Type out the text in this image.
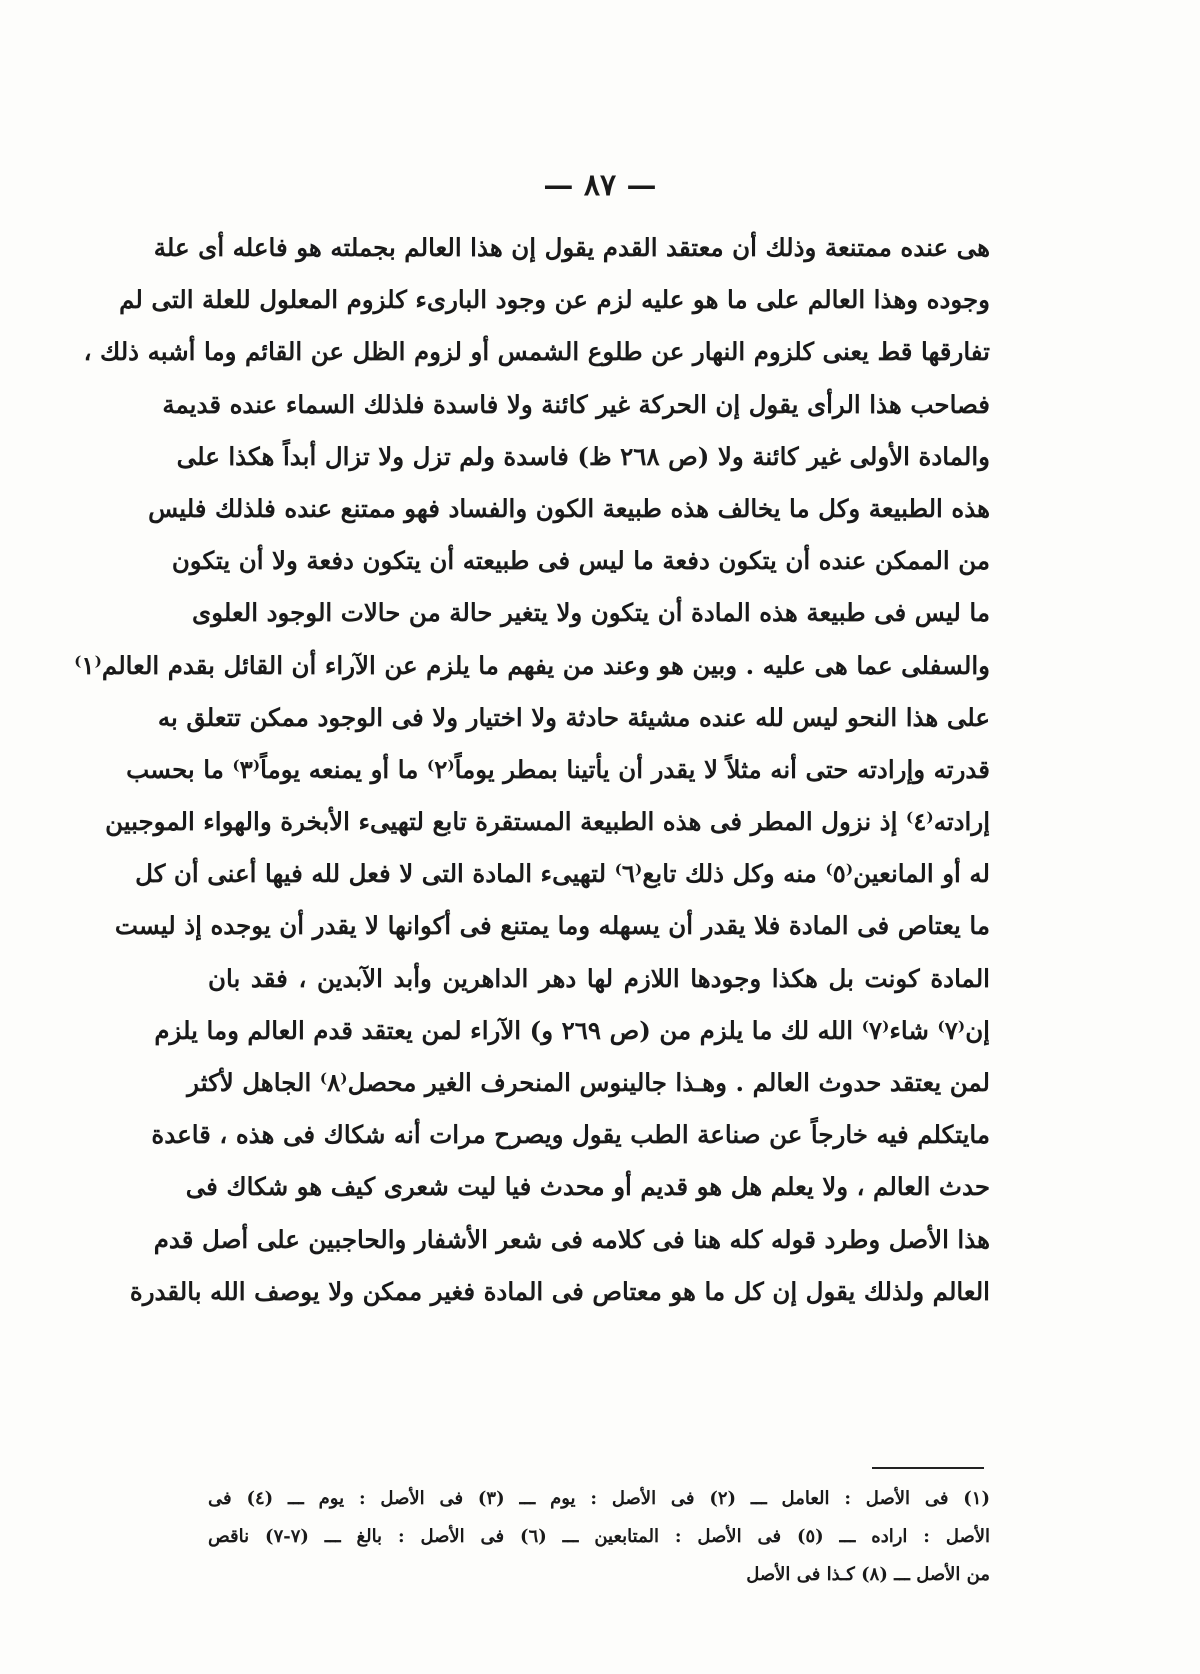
— ٨٧ —
هى عنده ممتنعة وذلك أن معتقد القدم يقول إن هذا العالم بجملته هو فاعله أى علة
وجوده وهذا العالم على ما هو عليه لزم عن وجود البارىء كلزوم المعلول للعلة التى لم
تفارقها قط يعنى كلزوم النهار عن طلوع الشمس أو لزوم الظل عن القائم وما أشبه ذلك ،
فصاحب هذا الرأى يقول إن الحركة غير كائنة ولا فاسدة فلذلك السماء عنده قديمة
والمادة الأولى غير كائنة ولا (ص ٢٦٨ ظ) فاسدة ولم تزل ولا تزال أبداً هكذا على
هذه الطبيعة وكل ما يخالف هذه طبيعة الكون والفساد فهو ممتنع عنده فلذلك فليس
من الممكن عنده أن يتكون دفعة ما ليس فى طبيعته أن يتكون دفعة ولا أن يتكون
ما ليس فى طبيعة هذه المادة أن يتكون ولا يتغير حالة من حالات الوجود العلوى
والسفلى عما هى عليه . وبين هو وعند من يفهم ما يلزم عن الآراء أن القائل بقدم العالم⁽١⁾
على هذا النحو ليس لله عنده مشيئة حادثة ولا اختيار ولا فى الوجود ممكن تتعلق به
قدرته وإرادته حتى أنه مثلاً لا يقدر أن يأتينا بمطر يوماً⁽٢⁾ ما أو يمنعه يوماً⁽٣⁾ ما بحسب
إرادته⁽٤⁾ إذ نزول المطر فى هذه الطبيعة المستقرة تابع لتهيىء الأبخرة والهواء الموجبين
له أو المانعين⁽٥⁾ منه وكل ذلك تابع⁽٦⁾ لتهيىء المادة التى لا فعل لله فيها أعنى أن كل
ما يعتاص فى المادة فلا يقدر أن يسهله وما يمتنع فى أكوانها لا يقدر أن يوجده إذ ليست
المادة كونت بل هكذا وجودها اللازم لها دهر الداهرين وأبد الآبدين ، فقد بان
إن⁽٧⁾ شاء⁽٧⁾ الله لك ما يلزم من (ص ٢٦٩ و) الآراء لمن يعتقد قدم العالم وما يلزم
لمن يعتقد حدوث العالم . وهـذا جالينوس المنحرف الغير محصل⁽٨⁾ الجاهل لأكثر
مايتكلم فيه خارجاً عن صناعة الطب يقول ويصرح مرات أنه شكاك فى هذه ، قاعدة
حدث العالم ، ولا يعلم هل هو قديم أو محدث فيا ليت شعرى كيف هو شكاك فى
هذا الأصل وطرد قوله كله هنا فى كلامه فى شعر الأشفار والحاجبين على أصل قدم
العالم ولذلك يقول إن كل ما هو معتاص فى المادة فغير ممكن ولا يوصف الله بالقدرة
(١) فى الأصل : العامل ـــ (٢) فى الأصل : يوم ـــ (٣) فى الأصل : يوم ـــ (٤) فى
الأصل : اراده ـــ (٥) فى الأصل : المتابعين ـــ (٦) فى الأصل : بالغ ـــ (٧-٧) ناقص
من الأصل ـــ (٨) كـذا فى الأصل
